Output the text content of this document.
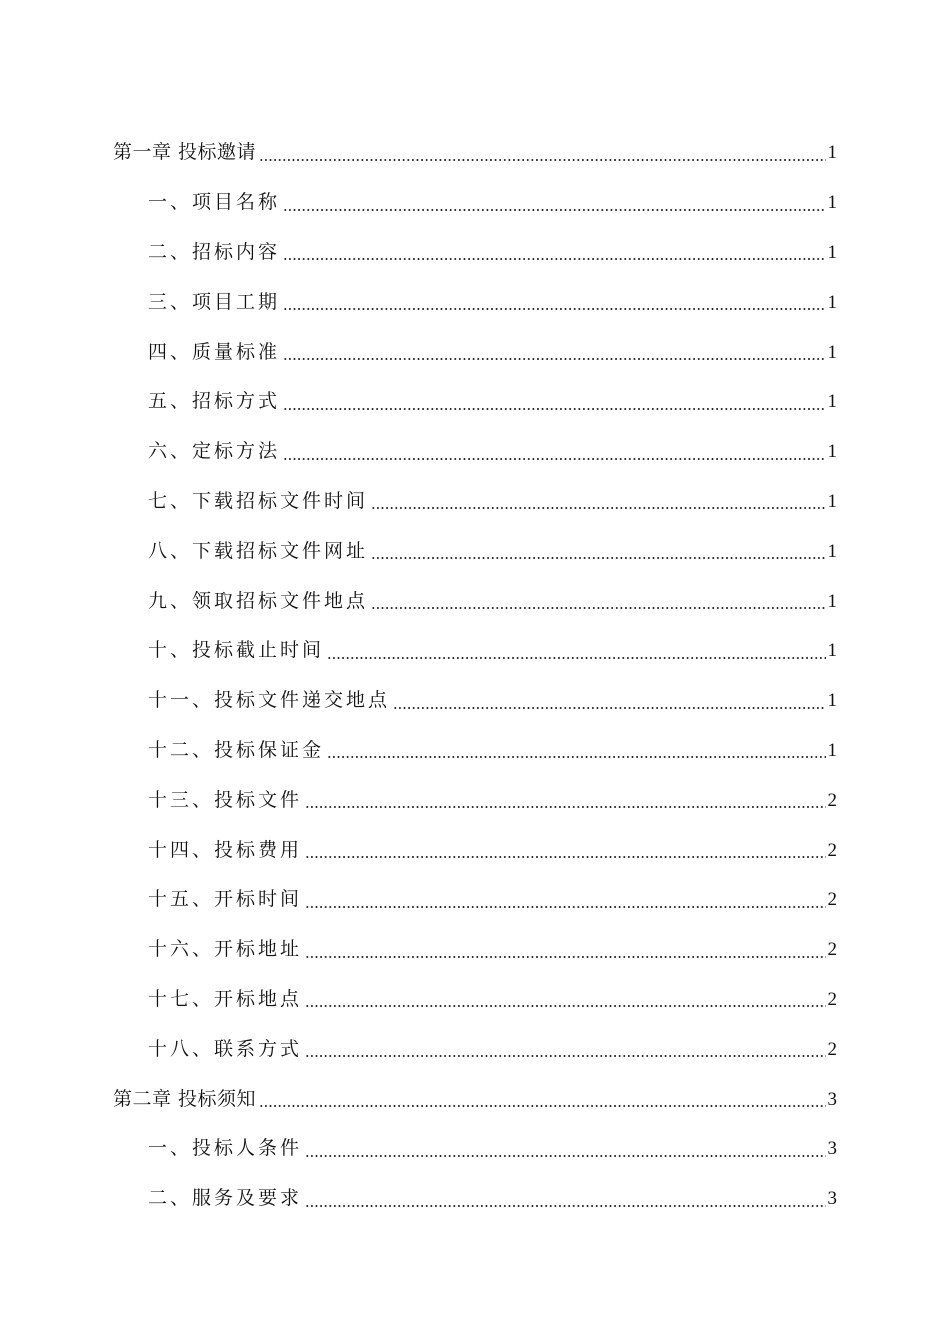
第一章 投标邀请	1
一、项目名称	1
二、招标内容	1
三、项目工期	1
四、质量标准	1
五、招标方式	1
六、定标方法	1
七、下载招标文件时间	1
八、下载招标文件网址	1
九、领取招标文件地点	1
十、投标截止时间	1
十一、投标文件递交地点	1
十二、投标保证金	1
十三、投标文件	2
十四、投标费用	2
十五、开标时间	2
十六、开标地址	2
十七、开标地点	2
十八、联系方式	2
第二章 投标须知	3
一、投标人条件	3
二、服务及要求	3
